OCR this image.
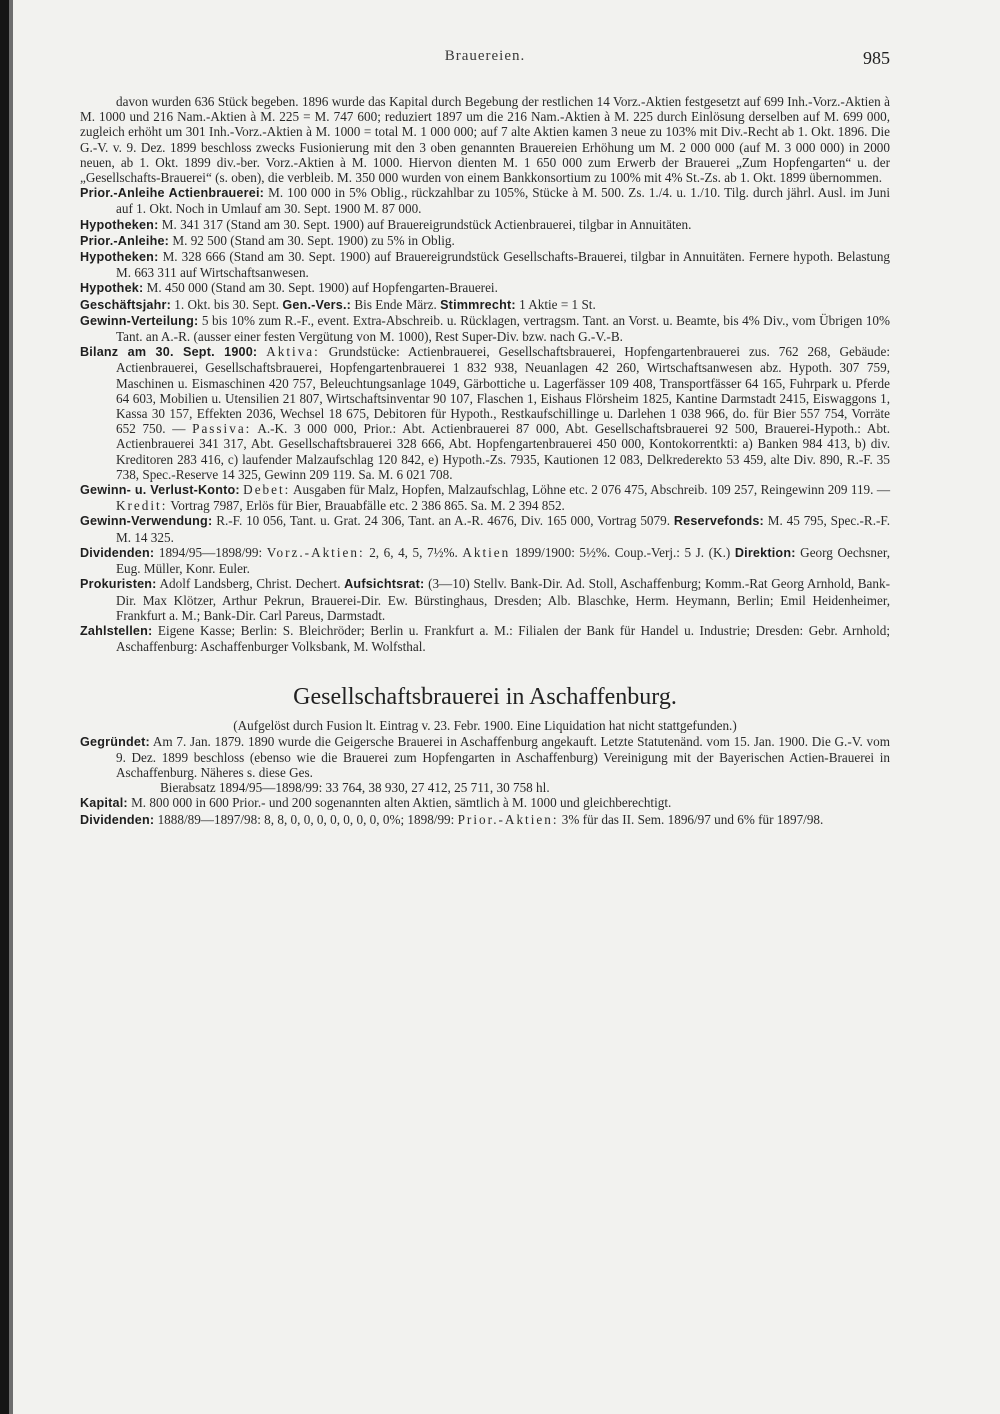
Brauereien.	985

davon wurden 636 Stück begeben. 1896 wurde das Kapital durch Begebung der restlichen 14 Vorz.-Aktien festgesetzt auf 699 Inh.-Vorz.-Aktien à M. 1000 und 216 Nam.-Aktien à M. 225 = M. 747 600; reduziert 1897 um die 216 Nam.-Aktien à M. 225 durch Einlösung derselben auf M. 699 000, zugleich erhöht um 301 Inh.-Vorz.-Aktien à M. 1000 = total M. 1 000 000; auf 7 alte Aktien kamen 3 neue zu 103% mit Div.-Recht ab 1. Okt. 1896. Die G.-V. v. 9. Dez. 1899 beschloss zwecks Fusionierung mit den 3 oben genannten Brauereien Erhöhung um M. 2 000 000 (auf M. 3 000 000) in 2000 neuen, ab 1. Okt. 1899 div.-ber. Vorz.-Aktien à M. 1000. Hiervon dienten M. 1 650 000 zum Erwerb der Brauerei „Zum Hopfengarten“ u. der „Gesellschafts-Brauerei“ (s. oben), die verbleib. M. 350 000 wurden von einem Bankkonsortium zu 100% mit 4% St.-Zs. ab 1. Okt. 1899 übernommen.

Prior.-Anleihe Actienbrauerei: M. 100 000 in 5% Oblig., rückzahlbar zu 105%, Stücke à M. 500. Zs. 1./4. u. 1./10. Tilg. durch jährl. Ausl. im Juni auf 1. Okt. Noch in Umlauf am 30. Sept. 1900 M. 87 000.

Hypotheken: M. 341 317 (Stand am 30. Sept. 1900) auf Brauereigrundstück Actienbrauerei, tilgbar in Annuitäten.

Prior.-Anleihe: M. 92 500 (Stand am 30. Sept. 1900) zu 5% in Oblig.

Hypotheken: M. 328 666 (Stand am 30. Sept. 1900) auf Brauereigrundstück Gesellschafts-Brauerei, tilgbar in Annuitäten. Fernere hypoth. Belastung M. 663 311 auf Wirtschaftsanwesen.

Hypothek: M. 450 000 (Stand am 30. Sept. 1900) auf Hopfengarten-Brauerei.

Geschäftsjahr: 1. Okt. bis 30. Sept. Gen.-Vers.: Bis Ende März. Stimmrecht: 1 Aktie = 1 St.

Gewinn-Verteilung: 5 bis 10% zum R.-F., event. Extra-Abschreib. u. Rücklagen, vertragsm. Tant. an Vorst. u. Beamte, bis 4% Div., vom Übrigen 10% Tant. an A.-R. (ausser einer festen Vergütung von M. 1000), Rest Super-Div. bzw. nach G.-V.-B.

Bilanz am 30. Sept. 1900: Aktiva: Grundstücke: Actienbrauerei, Gesellschaftsbrauerei, Hopfengartenbrauerei zus. 762 268, Gebäude: Actienbrauerei, Gesellschaftsbrauerei, Hopfengartenbrauerei 1 832 938, Neuanlagen 42 260, Wirtschaftsanwesen abz. Hypoth. 307 759, Maschinen u. Eismaschinen 420 757, Beleuchtungsanlage 1049, Gärbottiche u. Lagerfässer 109 408, Transportfässer 64 165, Fuhrpark u. Pferde 64 603, Mobilien u. Utensilien 21 807, Wirtschaftsinventar 90 107, Flaschen 1, Eishaus Flörsheim 1825, Kantine Darmstadt 2415, Eiswaggons 1, Kassa 30 157, Effekten 2036, Wechsel 18 675, Debitoren für Hypoth., Restkaufschillinge u. Darlehen 1 038 966, do. für Bier 557 754, Vorräte 652 750. — Passiva: A.-K. 3 000 000, Prior.: Abt. Actienbrauerei 87 000, Abt. Gesellschaftsbrauerei 92 500, Brauerei-Hypoth.: Abt. Actienbrauerei 341 317, Abt. Gesellschaftsbrauerei 328 666, Abt. Hopfengartenbrauerei 450 000, Kontokorrentkti: a) Banken 984 413, b) div. Kreditoren 283 416, c) laufender Malzaufschlag 120 842, e) Hypoth.-Zs. 7935, Kautionen 12 083, Delkrederekto 53 459, alte Div. 890, R.-F. 35 738, Spec.-Reserve 14 325, Gewinn 209 119. Sa. M. 6 021 708.

Gewinn- u. Verlust-Konto: Debet: Ausgaben für Malz, Hopfen, Malzaufschlag, Löhne etc. 2 076 475, Abschreib. 109 257, Reingewinn 209 119. — Kredit: Vortrag 7987, Erlös für Bier, Brauabfälle etc. 2 386 865. Sa. M. 2 394 852.

Gewinn-Verwendung: R.-F. 10 056, Tant. u. Grat. 24 306, Tant. an A.-R. 4676, Div. 165 000, Vortrag 5079. Reservefonds: M. 45 795, Spec.-R.-F. M. 14 325.

Dividenden: 1894/95—1898/99: Vorz.-Aktien: 2, 6, 4, 5, 7½%. Aktien 1899/1900: 5½%. Coup.-Verj.: 5 J. (K.) Direktion: Georg Oechsner, Eug. Müller, Konr. Euler.

Prokuristen: Adolf Landsberg, Christ. Dechert. Aufsichtsrat: (3—10) Stellv. Bank-Dir. Ad. Stoll, Aschaffenburg; Komm.-Rat Georg Arnhold, Bank-Dir. Max Klötzer, Arthur Pekrun, Brauerei-Dir. Ew. Bürstinghaus, Dresden; Alb. Blaschke, Herm. Heymann, Berlin; Emil Heidenheimer, Frankfurt a. M.; Bank-Dir. Carl Pareus, Darmstadt.

Zahlstellen: Eigene Kasse; Berlin: S. Bleichröder; Berlin u. Frankfurt a. M.: Filialen der Bank für Handel u. Industrie; Dresden: Gebr. Arnhold; Aschaffenburg: Aschaffenburger Volksbank, M. Wolfsthal.

Gesellschaftsbrauerei in Aschaffenburg.

(Aufgelöst durch Fusion lt. Eintrag v. 23. Febr. 1900. Eine Liquidation hat nicht stattgefunden.)

Gegründet: Am 7. Jan. 1879. 1890 wurde die Geigersche Brauerei in Aschaffenburg angekauft. Letzte Statutenänd. vom 15. Jan. 1900. Die G.-V. vom 9. Dez. 1899 beschloss (ebenso wie die Brauerei zum Hopfengarten in Aschaffenburg) Vereinigung mit der Bayerischen Actien-Brauerei in Aschaffenburg. Näheres s. diese Ges.

Bierabsatz 1894/95—1898/99: 33 764, 38 930, 27 412, 25 711, 30 758 hl.

Kapital: M. 800 000 in 600 Prior.- und 200 sogenannten alten Aktien, sämtlich à M. 1000 und gleichberechtigt.

Dividenden: 1888/89—1897/98: 8, 8, 0, 0, 0, 0, 0, 0, 0, 0%; 1898/99: Prior.-Aktien: 3% für das II. Sem. 1896/97 und 6% für 1897/98.
